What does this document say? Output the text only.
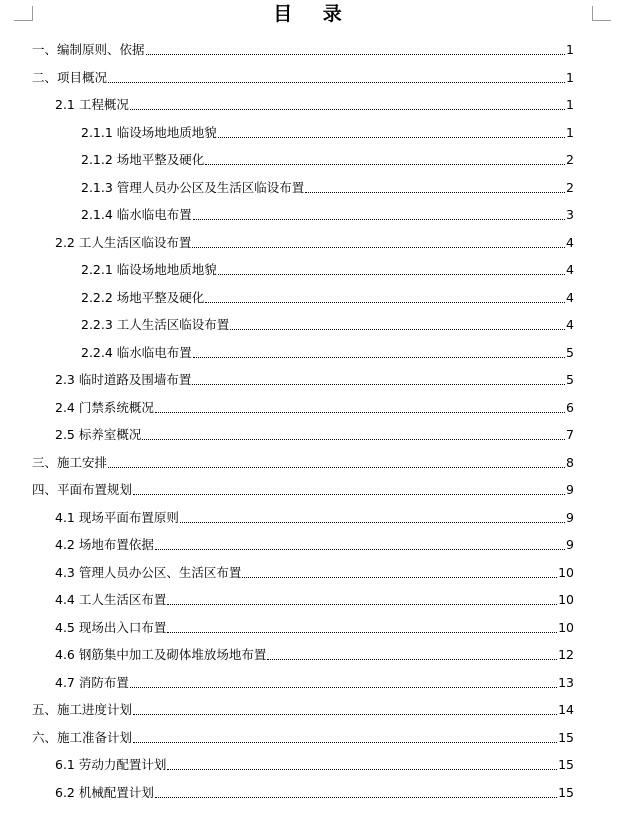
目 录
一、编制原则、依据	1
二、项目概况	1
2.1 工程概况	1
2.1.1 临设场地地质地貌	1
2.1.2 场地平整及硬化	2
2.1.3 管理人员办公区及生活区临设布置	2
2.1.4 临水临电布置	3
2.2 工人生活区临设布置	4
2.2.1 临设场地地质地貌	4
2.2.2 场地平整及硬化	4
2.2.3 工人生活区临设布置	4
2.2.4 临水临电布置	5
2.3 临时道路及围墙布置	5
2.4 门禁系统概况	6
2.5 标养室概况	7
三、施工安排	8
四、平面布置规划	9
4.1 现场平面布置原则	9
4.2 场地布置依据	9
4.3 管理人员办公区、生活区布置	10
4.4 工人生活区布置	10
4.5 现场出入口布置	10
4.6 钢筋集中加工及砌体堆放场地布置	12
4.7 消防布置	13
五、施工进度计划	14
六、施工准备计划	15
6.1 劳动力配置计划	15
6.2 机械配置计划	15
